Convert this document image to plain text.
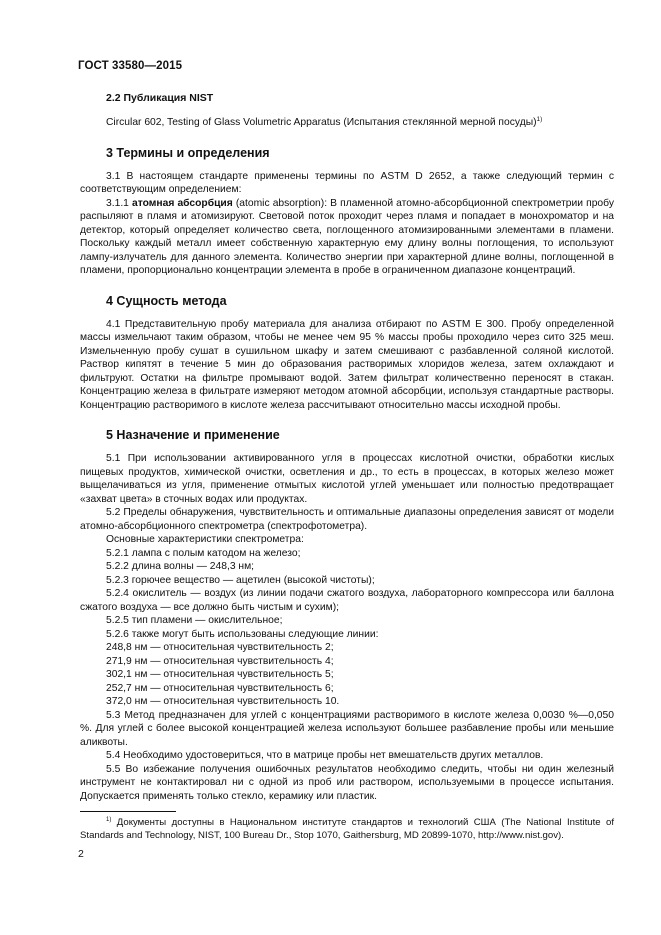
ГОСТ 33580—2015
2.2 Публикация NIST

Circular 602, Testing of Glass Volumetric Apparatus (Испытания стеклянной мерной посуды)$^{1)}$

3 Термины и определения

3.1 В настоящем стандарте применены термины по ASTM D 2652, а также следующий термин с соответствующим определением:

3.1.1 атомная абсорбция (atomic absorption): В пламенной атомно-абсорбционной спектрометрии пробу распыляют в пламя и атомизируют. Световой поток проходит через пламя и попадает в монохроматор и на детектор, который определяет количество света, поглощенного атомизированными элементами в пламени. Поскольку каждый металл имеет собственную характерную ему длину волны поглощения, то используют лампу-излучатель для данного элемента. Количество энергии при характерной длине волны, поглощенной в пламени, пропорционально концентрации элемента в пробе в ограниченном диапазоне концентраций.

4 Сущность метода

4.1 Представительную пробу материала для анализа отбирают по ASTM E 300. Пробу определенной массы измельчают таким образом, чтобы не менее чем 95 % массы пробы проходило через сито 325 меш. Измельченную пробу сушат в сушильном шкафу и затем смешивают с разбавленной соляной кислотой. Раствор кипятят в течение 5 мин до образования растворимых хлоридов железа, затем охлаждают и фильтруют. Остатки на фильтре промывают водой. Затем фильтрат количественно переносят в стакан. Концентрацию железа в фильтрате измеряют методом атомной абсорбции, используя стандартные растворы. Концентрацию растворимого в кислоте железа рассчитывают относительно массы исходной пробы.

5 Назначение и применение

5.1 При использовании активированного угля в процессах кислотной очистки, обработки кислых пищевых продуктов, химической очистки, осветления и др., то есть в процессах, в которых железо может выщелачиваться из угля, применение отмытых кислотой углей уменьшает или полностью предотвращает «захват цвета» в сточных водах или продуктах.

5.2 Пределы обнаружения, чувствительность и оптимальные диапазоны определения зависят от модели атомно-абсорбционного спектрометра (спектрофотометра).

Основные характеристики спектрометра:

5.2.1 лампа с полым катодом на железо;

5.2.2 длина волны — 248,3 нм;

5.2.3 горючее вещество — ацетилен (высокой чистоты);

5.2.4 окислитель — воздух (из линии подачи сжатого воздуха, лабораторного компрессора или баллона сжатого воздуха — все должно быть чистым и сухим);

5.2.5 тип пламени — окислительное;

5.2.6 также могут быть использованы следующие линии:

248,8 нм — относительная чувствительность 2;

271,9 нм — относительная чувствительность 4;

302,1 нм — относительная чувствительность 5;

252,7 нм — относительная чувствительность 6;

372,0 нм — относительная чувствительность 10.

5.3 Метод предназначен для углей с концентрациями растворимого в кислоте железа 0,0030 %—0,050 %. Для углей с более высокой концентрацией железа используют большее разбавление пробы или меньшие аликвоты.

5.4 Необходимо удостовериться, что в матрице пробы нет вмешательств других металлов.

5.5 Во избежание получения ошибочных результатов необходимо следить, чтобы ни один железный инструмент не контактировал ни с одной из проб или раствором, используемыми в процессе испытания. Допускается применять только стекло, керамику или пластик.

$^{1)}$ Документы доступны в Национальном институте стандартов и технологий США (The National Institute of Standards and Technology, NIST, 100 Bureau Dr., Stop 1070, Gaithersburg, MD 20899-1070, http://www.nist.gov).
2
